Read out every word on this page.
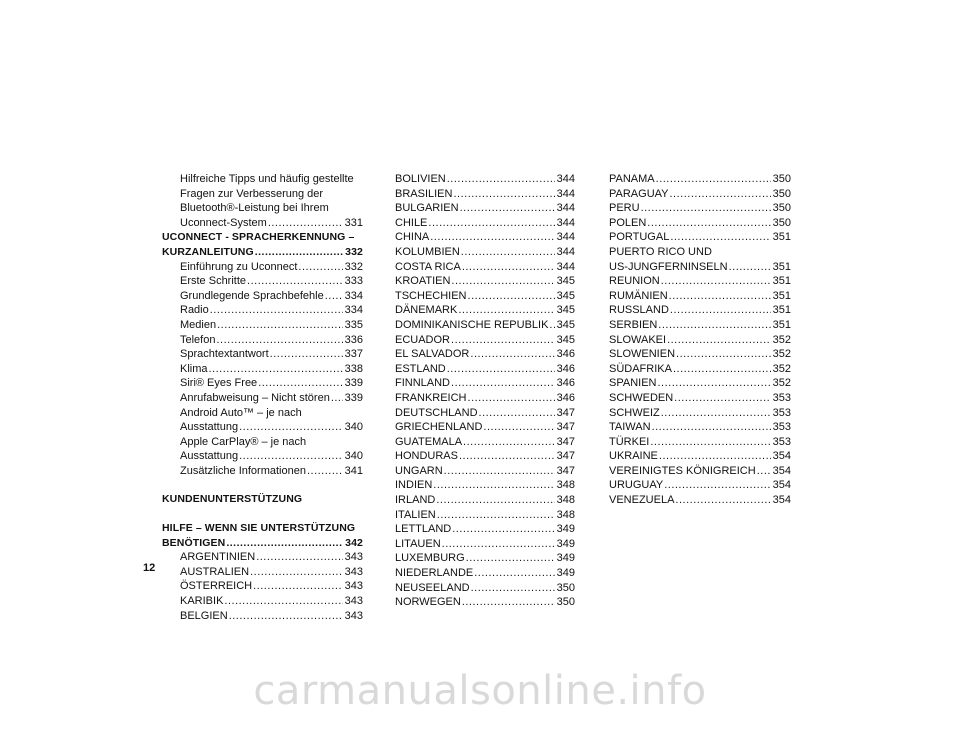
Hilfreiche Tipps und häufig gestellte
Fragen zur Verbesserung der
Bluetooth®-Leistung bei Ihrem
Uconnect-System .....	331
UCONNECT - SPRACHERKENNUNG –
KURZANLEITUNG .....	332
Einführung zu Uconnect .....	332
Erste Schritte .....	333
Grundlegende Sprachbefehle ..... 334
Radio .....	334
Medien .....	335
Telefon .....	336
Sprachtextantwort .....	337
Klima .....	338
Siri® Eyes Free .....	339
Anrufabweisung – Nicht stören ..... 339
Android Auto™ – je nach
Ausstattung .....	340
Apple CarPlay® – je nach
Ausstattung .....	340
Zusätzliche Informationen .....	341
KUNDENUNTERSTÜTZUNG
HILFE – WENN SIE UNTERSTÜTZUNG
BENÖTIGEN .....	342
ARGENTINIEN .....	343
AUSTRALIEN .....	343
ÖSTERREICH .....	343
KARIBIK .....	343
BELGIEN .....	343
BOLIVIEN .....	344
BRASILIEN .....	344
BULGARIEN .....	344
CHILE .....	344
CHINA .....	344
KOLUMBIEN .....	344
COSTA RICA .....	344
KROATIEN .....	345
TSCHECHIEN .....	345
DÄNEMARK .....	345
DOMINIKANISCHE REPUBLIK ..... 345
ECUADOR .....	345
EL SALVADOR .....	346
ESTLAND .....	346
FINNLAND .....	346
FRANKREICH .....	346
DEUTSCHLAND .....	347
GRIECHENLAND .....	347
GUATEMALA .....	347
HONDURAS .....	347
UNGARN .....	347
INDIEN .....	348
IRLAND .....	348
ITALIEN .....	348
LETTLAND .....	349
LITAUEN .....	349
LUXEMBURG .....	349
NIEDERLANDE .....	349
NEUSEELAND .....	350
NORWEGEN .....	350
PANAMA .....	350
PARAGUAY .....	350
PERU .....	350
POLEN .....	350
PORTUGAL .....	351
PUERTO RICO UND
US-JUNGFERNINSELN .....	351
REUNION .....	351
RUMÄNIEN .....	351
RUSSLAND .....	351
SERBIEN .....	351
SLOWAKEI .....	352
SLOWENIEN .....	352
SÜDAFRIKA .....	352
SPANIEN .....	352
SCHWEDEN .....	353
SCHWEIZ .....	353
TAIWAN .....	353
TÜRKEI .....	353
UKRAINE .....	354
VEREINIGTES KÖNIGREICH ..... 354
URUGUAY .....	354
VENEZUELA .....	354
12
carmanualsonline.info
